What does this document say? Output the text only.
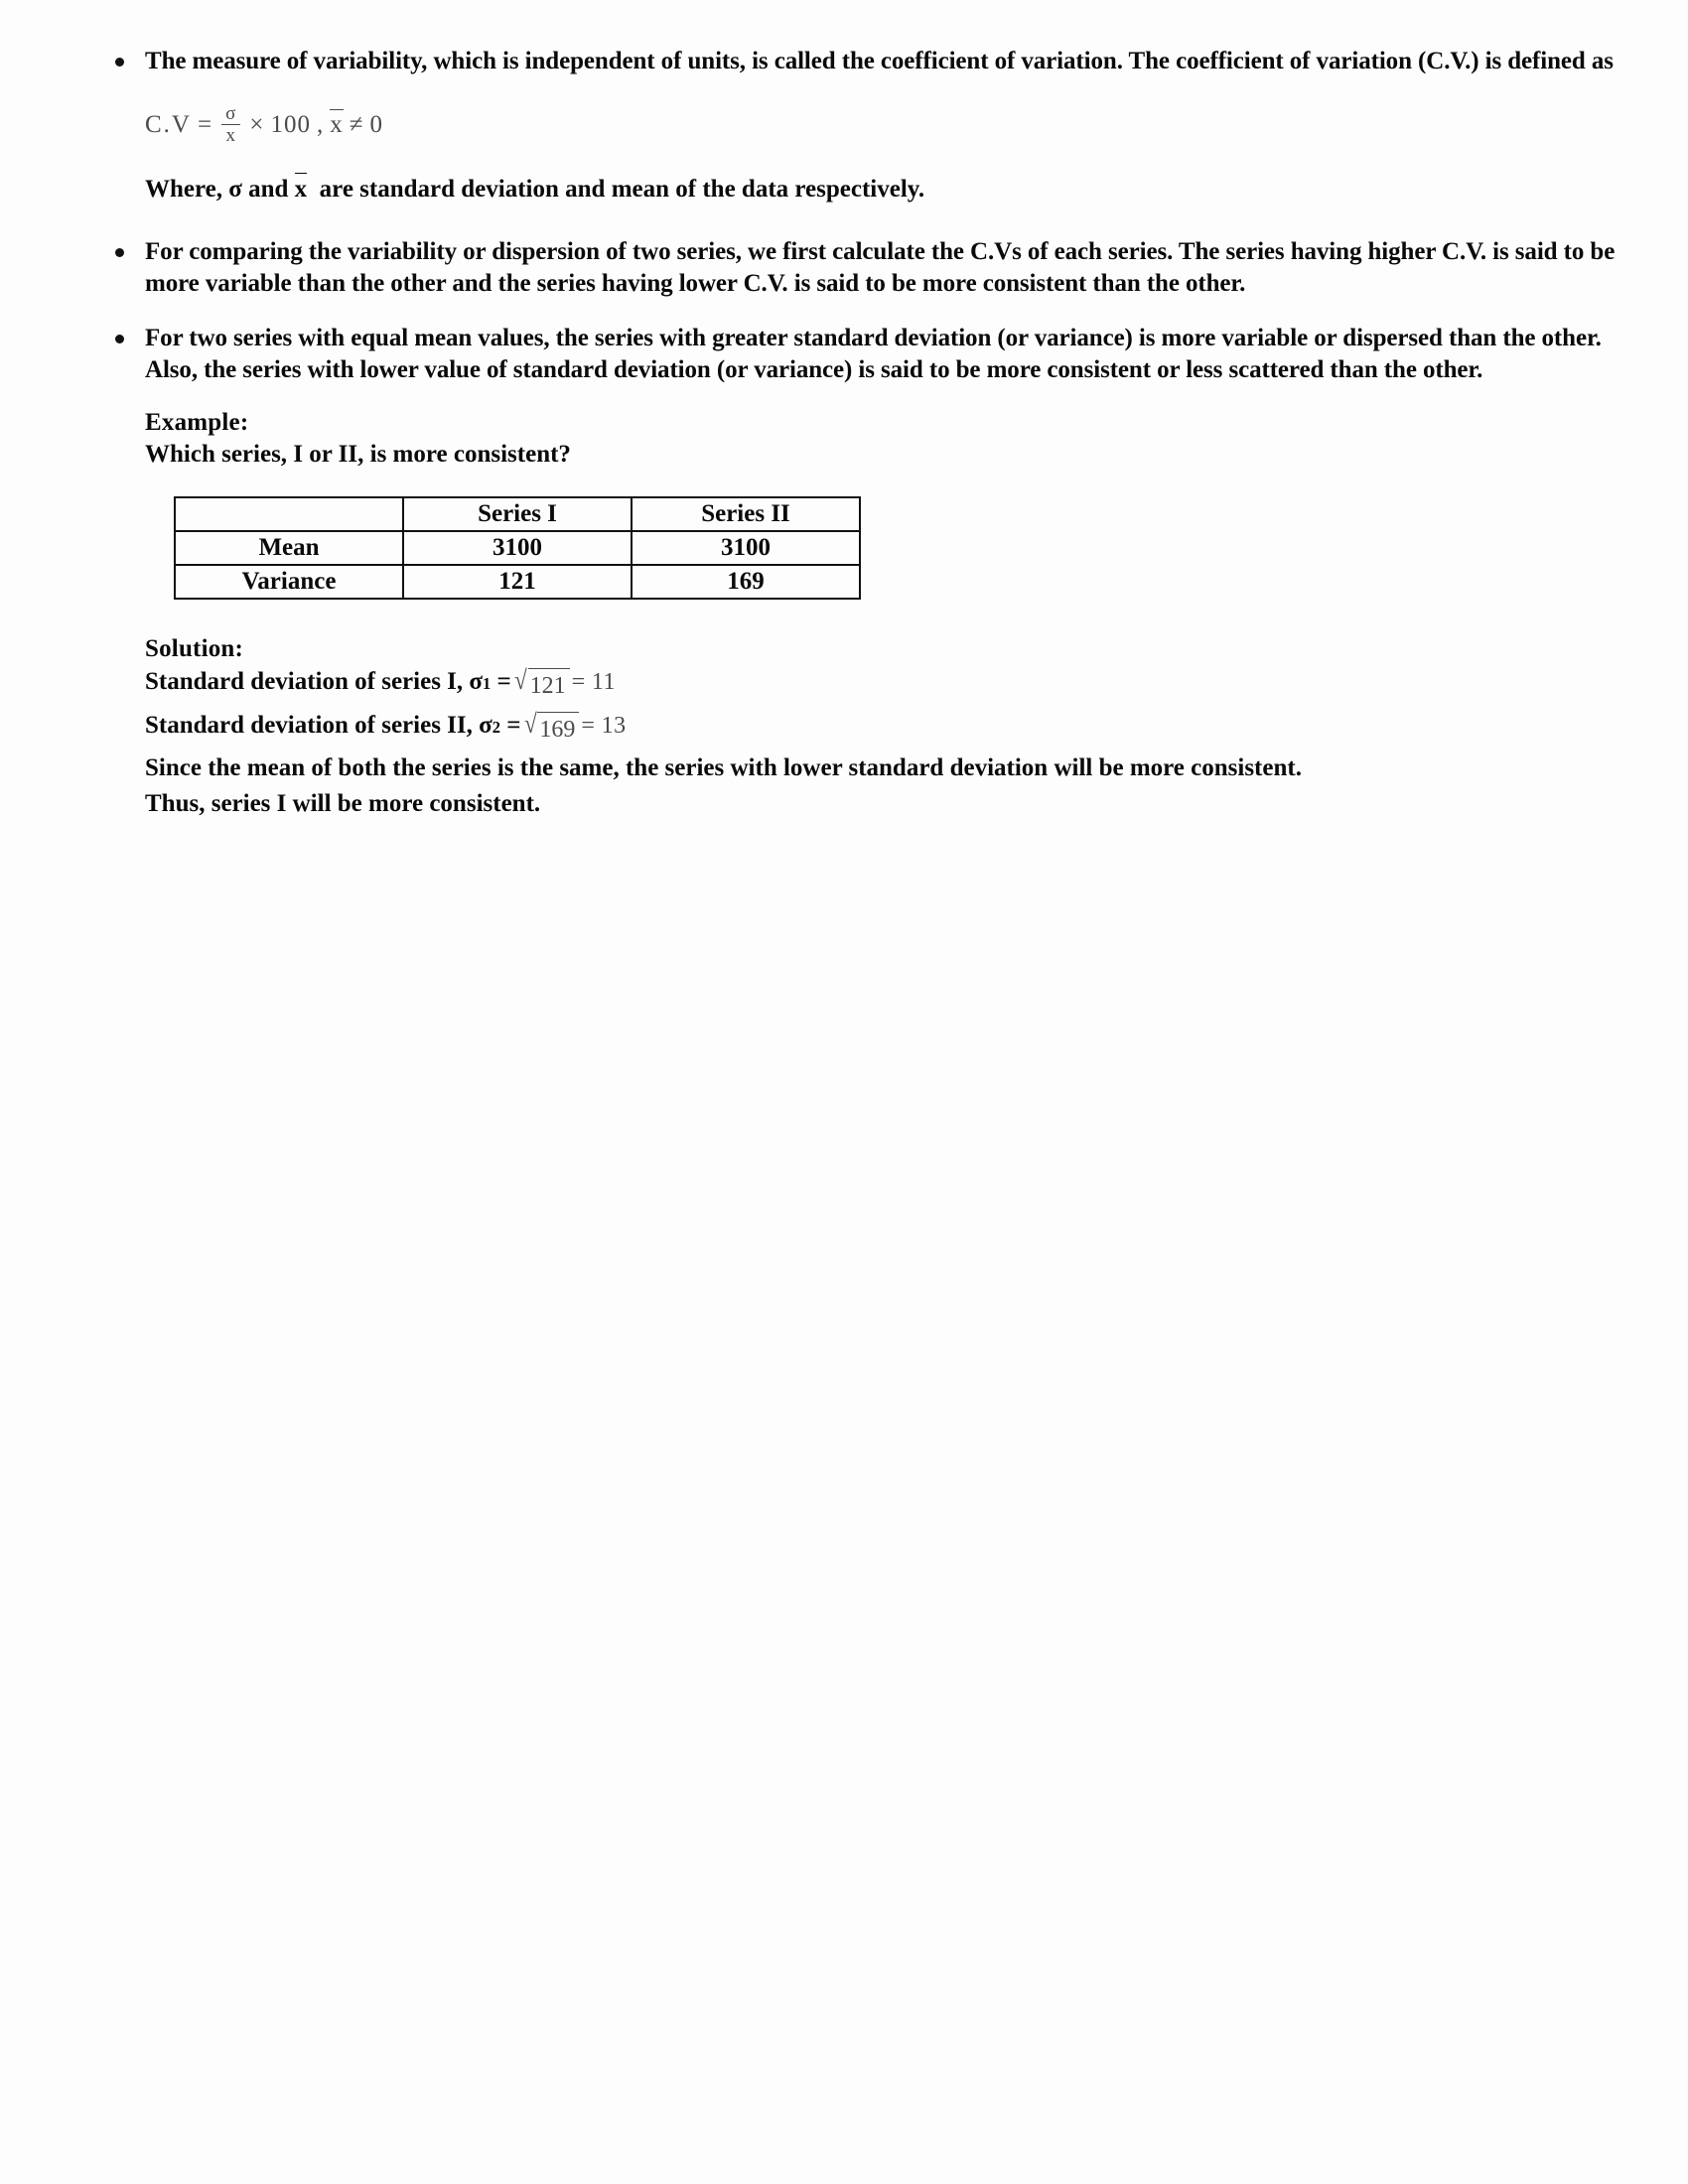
The measure of variability, which is independent of units, is called the coefficient of variation. The coefficient of variation (C.V.) is defined as
$C.V = \frac{\sigma}{x} \times 100$ , x ≠ 0
Where, σ and x are standard deviation and mean of the data respectively.
For comparing the variability or dispersion of two series, we first calculate the C.Vs of each series. The series having higher C.V. is said to be more variable than the other and the series having lower C.V. is said to be more consistent than the other.
For two series with equal mean values, the series with greater standard deviation (or variance) is more variable or dispersed than the other. Also, the series with lower value of standard deviation (or variance) is said to be more consistent or less scattered than the other.
Example:
Which series, I or II, is more consistent?
	Series I	Series II
Mean	3100	3100
Variance	121	169
Solution:
Standard deviation of series I,
σ 1
= √ 121 =
11
Standard deviation of series II,
σ 2
= √ 169 =
13
Since the mean of both the series is the same, the series with lower standard deviation will be more consistent.
Thus, series I will be more consistent.
